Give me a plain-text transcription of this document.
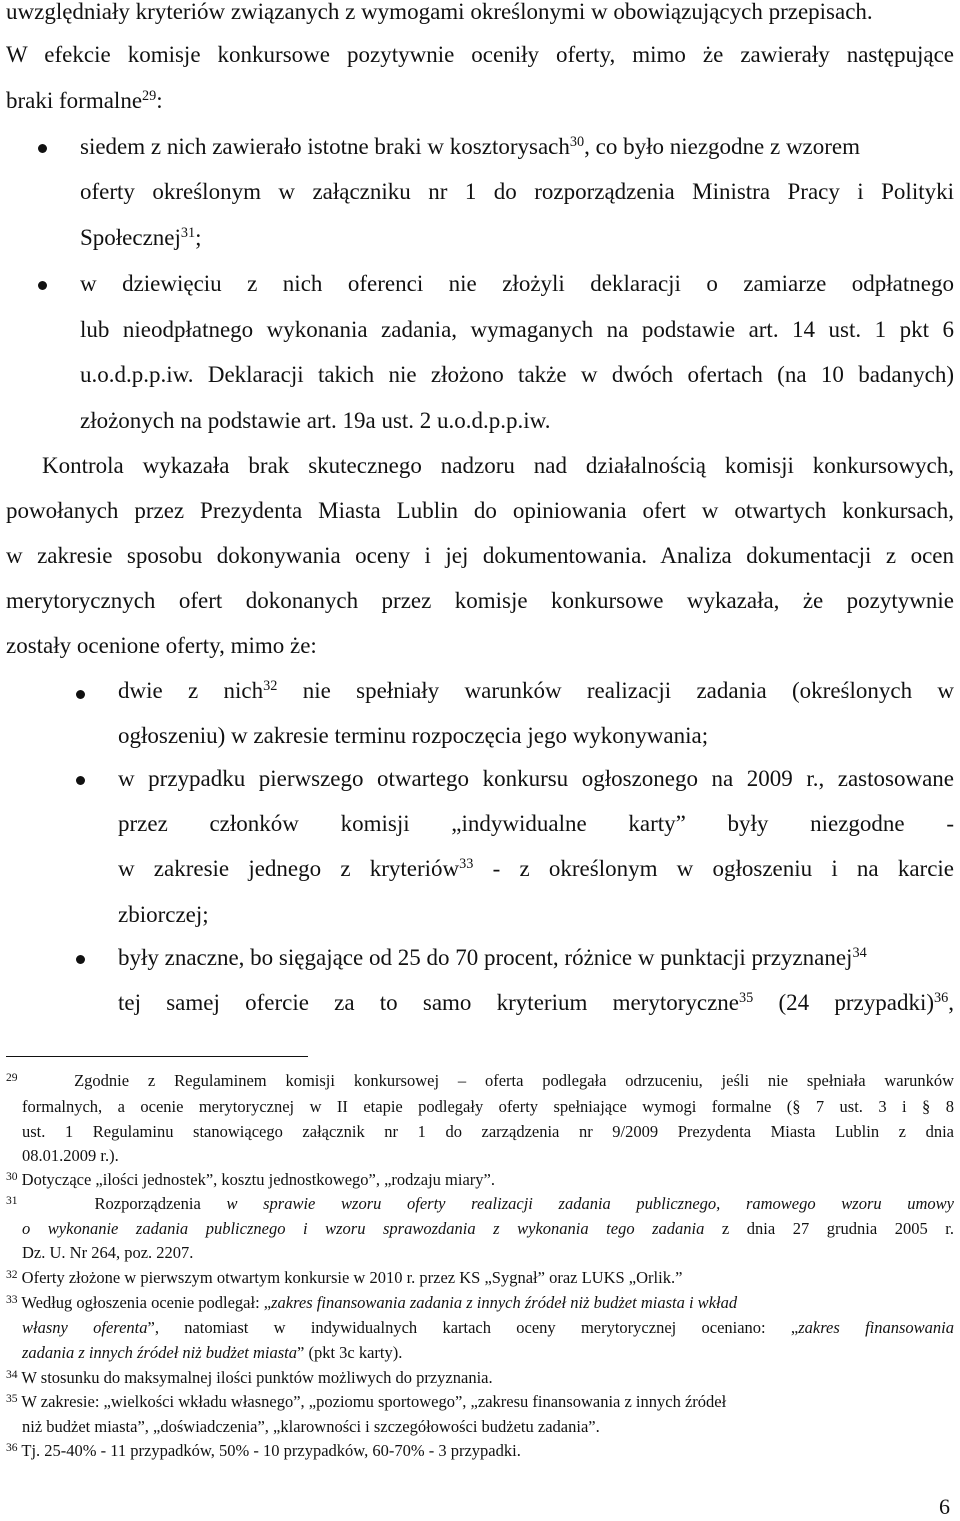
uwzględniały kryteriów związanych z wymogami określonymi w obowiązujących przepisach.

W efekcie komisje konkursowe pozytywnie oceniły oferty, mimo że zawierały następujące

braki formalne$^{29}$:

siedem z nich zawierało istotne braki w kosztorysach$^{30}$, co było niezgodne z wzorem

oferty określonym w załączniku nr 1 do rozporządzenia Ministra Pracy i Polityki

Społecznej$^{31}$;

w dziewięciu z nich oferenci nie złożyli deklaracji o zamiarze odpłatnego

lub nieodpłatnego wykonania zadania, wymaganych na podstawie art. 14 ust. 1 pkt 6

u.o.d.p.p.iw. Deklaracji takich nie złożono także w dwóch ofertach (na 10 badanych)

złożonych na podstawie art. 19a ust. 2 u.o.d.p.p.iw.

Kontrola wykazała brak skutecznego nadzoru nad działalnością komisji konkursowych,

powołanych przez Prezydenta Miasta Lublin do opiniowania ofert w otwartych konkursach,

w zakresie sposobu dokonywania oceny i jej dokumentowania. Analiza dokumentacji z ocen

merytorycznych ofert dokonanych przez komisje konkursowe wykazała, że pozytywnie

zostały ocenione oferty, mimo że:

dwie z nich$^{32}$ nie spełniały warunków realizacji zadania (określonych w

ogłoszeniu) w zakresie terminu rozpoczęcia jego wykonywania;

w przypadku pierwszego otwartego konkursu ogłoszonego na 2009 r., zastosowane

przez członków komisji „indywidualne karty” były niezgodne -

w zakresie jednego z kryteriów$^{33}$ - z określonym w ogłoszeniu i na karcie

zbiorczej;

były znaczne, bo sięgające od 25 do 70 procent, różnice w punktacji przyznanej$^{34}$

tej samej ofercie za to samo kryterium merytoryczne$^{35}$ (24 przypadki)$^{36}$,

$^{29}$	Zgodnie z Regulaminem komisji konkursowej – oferta podlegała odrzuceniu, jeśli nie spełniała warunków

formalnych, a ocenie merytorycznej w II etapie podlegały oferty spełniające wymogi formalne (§ 7 ust. 3 i § 8

ust. 1 Regulaminu stanowiącego załącznik nr 1 do zarządzenia nr 9/2009 Prezydenta Miasta Lublin z dnia

08.01.2009 r.).

$^{30}$ Dotyczące „ilości jednostek”, kosztu jednostkowego”, „rodzaju miary”.

$^{31}$	Rozporządzenia w sprawie wzoru oferty realizacji zadania publicznego, ramowego wzoru umowy

o wykonanie zadania publicznego i wzoru sprawozdania z wykonania tego zadania z dnia 27 grudnia 2005 r.

Dz. U. Nr 264, poz. 2207.

$^{32}$ Oferty złożone w pierwszym otwartym konkursie w 2010 r. przez KS „Sygnał” oraz LUKS „Orlik.”

$^{33}$ Według ogłoszenia ocenie podlegał: „zakres finansowania zadania z innych źródeł niż budżet miasta i wkład

własny oferenta”, natomiast w indywidualnych kartach oceny merytorycznej oceniano: „zakres finansowania

zadania z innych źródeł niż budżet miasta” (pkt 3c karty).

$^{34}$ W stosunku do maksymalnej ilości punktów możliwych do przyznania.

$^{35}$ W zakresie: „wielkości wkładu własnego”, „poziomu sportowego”, „zakresu finansowania z innych źródeł

niż budżet miasta”, „doświadczenia”, „klarowności i szczegółowości budżetu zadania”.

$^{36}$ Tj. 25-40% - 11 przypadków, 50% - 10 przypadków, 60-70% - 3 przypadki.

6
